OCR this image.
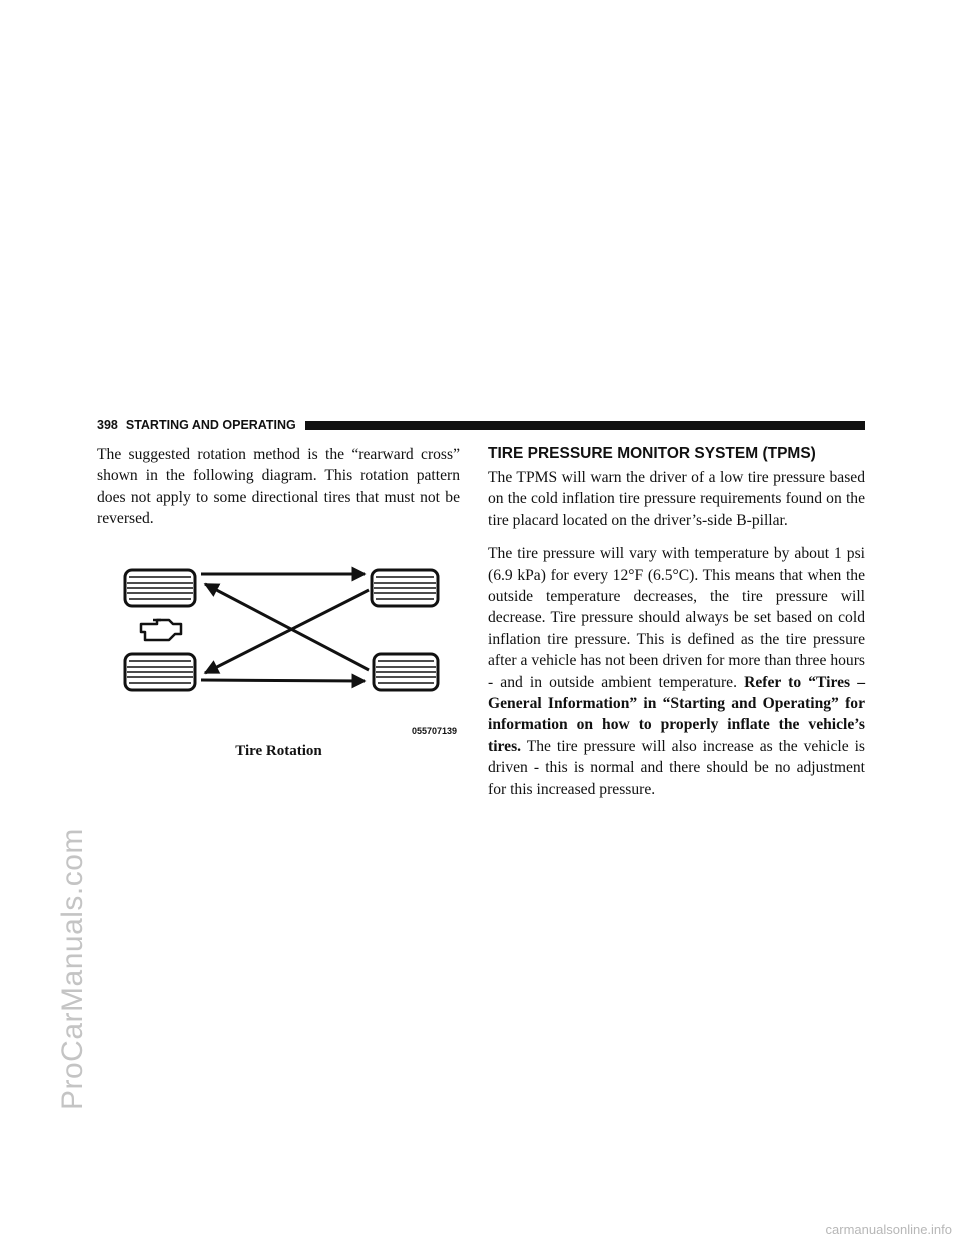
ProCarManuals.com
398 STARTING AND OPERATING

The suggested rotation method is the “rearward cross” shown in the following diagram. This rotation pattern does not apply to some directional tires that must not be reversed.

055707139
Tire Rotation
TIRE PRESSURE MONITOR SYSTEM (TPMS)

The TPMS will warn the driver of a low tire pressure based on the cold inflation tire pressure requirements found on the tire placard located on the driver’s-side B-pillar.

The tire pressure will vary with temperature by about 1 psi (6.9 kPa) for every 12°F (6.5°C). This means that when the outside temperature decreases, the tire pressure will decrease. Tire pressure should always be set based on cold inflation tire pressure. This is defined as the tire pressure after a vehicle has not been driven for more than three hours - and in outside ambient temperature. Refer to “Tires – General Information” in “Starting and Operating” for information on how to properly inflate the vehicle’s tires. The tire pressure will also increase as the vehicle is driven - this is normal and there should be no adjustment for this increased pressure.

carmanualsonline.info
